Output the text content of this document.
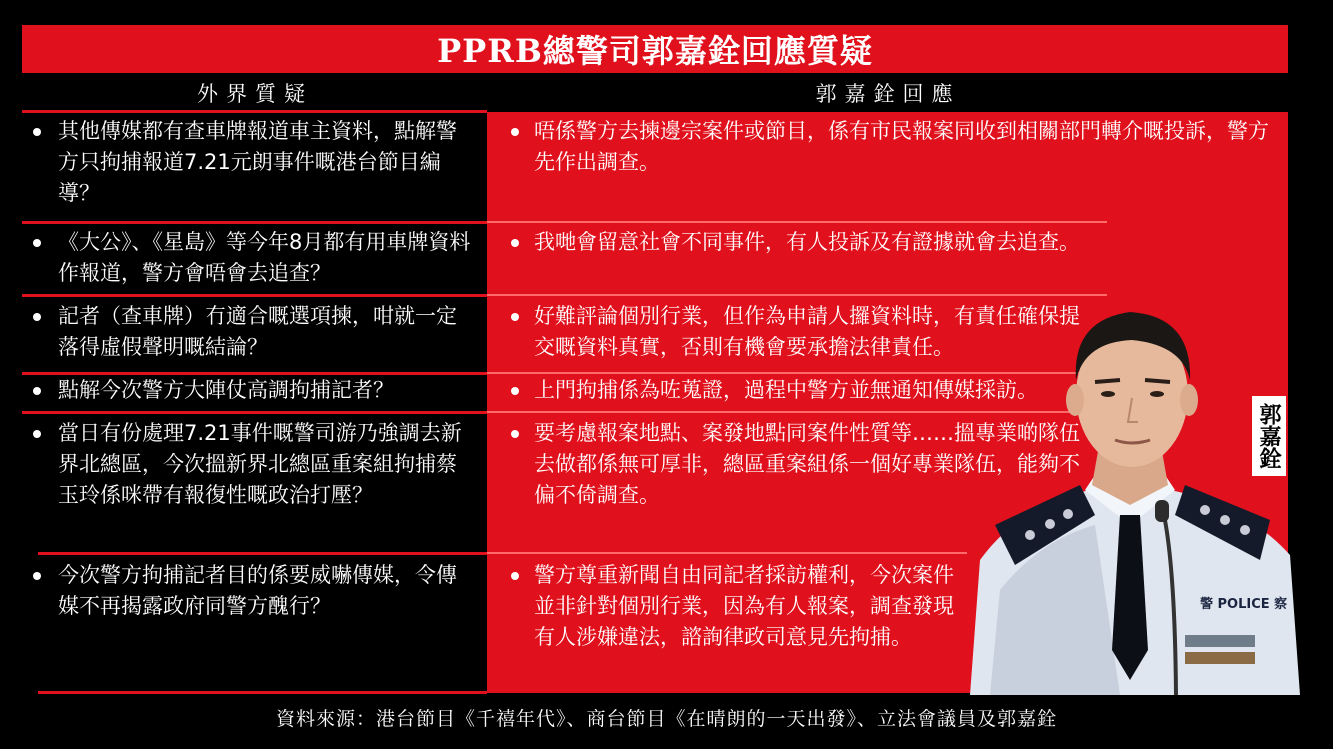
PPRB總警司郭嘉銓回應質疑
外界質疑	郭嘉銓回應
其他傳媒都有查車牌報道車主資料，點解警方只拘捕報道7.21元朗事件嘅港台節目編導？
唔係警方去揀邊宗案件或節目，係有市民報案同收到相關部門轉介嘅投訴，警方先作出調查。
《大公》、《星島》等今年8月都有用車牌資料作報道，警方會唔會去追查？
我哋會留意社會不同事件，有人投訴及有證據就會去追查。
記者（查車牌）冇適合嘅選項揀，咁就一定落得虛假聲明嘅結論？
好難評論個別行業，但作為申請人攞資料時，有責任確保提交嘅資料真實，否則有機會要承擔法律責任。
點解今次警方大陣仗高調拘捕記者？	上門拘捕係為咗蒐證，過程中警方並無通知傳媒採訪。
當日有份處理7.21事件嘅警司游乃強調去新界北總區，今次搵新界北總區重案組拘捕蔡玉玲係咪帶有報復性嘅政治打壓？
要考慮報案地點、案發地點同案件性質等……搵專業啲隊伍去做都係無可厚非，總區重案組係一個好專業隊伍，能夠不偏不倚調查。
今次警方拘捕記者目的係要威嚇傳媒，令傳媒不再揭露政府同警方醜行？
警方尊重新聞自由同記者採訪權利，今次案件並非針對個別行業，因為有人報案，調查發現有人涉嫌違法，諮詢律政司意見先拘捕。
警 POLICE 察
郭嘉銓
資料來源：港台節目《千禧年代》、商台節目《在晴朗的一天出發》、立法會議員及郭嘉銓
